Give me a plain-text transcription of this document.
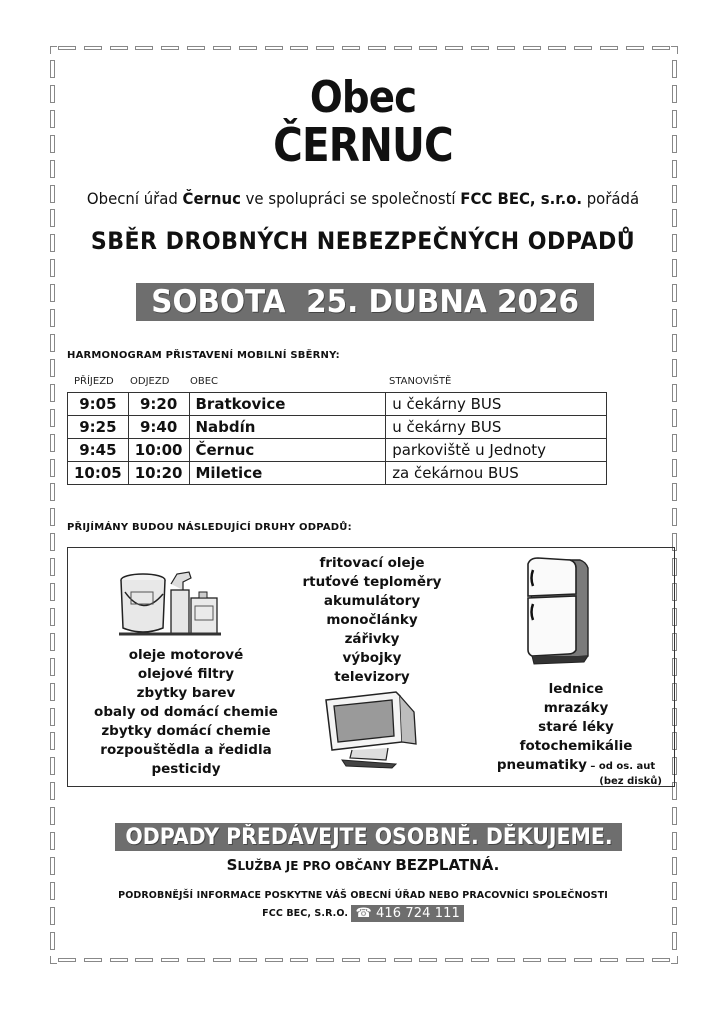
Obec
ČERNUC
Obecní úřad Černuc ve spolupráci se společností FCC BEC, s.r.o. pořádá
SBĚR DROBNÝCH NEBEZPEČNÝCH ODPADŮ
SOBOTA  25. DUBNA 2026
HARMONOGRAM PŘISTAVENÍ MOBILNÍ SBĚRNY:
PŘÍJEZD ODJEZD OBEC	STANOVIŠTĚ
9:05	9:20	Bratkovice	u čekárny BUS
9:25	9:40	Nabdín	u čekárny BUS
9:45	10:00	Černuc	parkoviště u Jednoty
10:05	10:20	Miletice	za čekárnou BUS
PŘIJÍMÁNY BUDOU NÁSLEDUJÍCÍ DRUHY ODPADŮ:
oleje motorové
olejové filtry
zbytky barev
obaly od domácí chemie
zbytky domácí chemie
rozpouštědla a ředidla
pesticidy
fritovací oleje
rtuťové teploměry
akumulátory
monočlánky
zářivky
výbojky
televizory
lednice
mrazáky
staré léky
fotochemikálie
pneumatiky – od os. aut
(bez disků)
ODPADY PŘEDÁVEJTE OSOBNĚ. DĚKUJEME.
SLUŽBA JE PRO OBČANY BEZPLATNÁ.
PODROBNĚJŠÍ INFORMACE POSKYTNE VÁŠ OBECNÍ ÚŘAD NEBO PRACOVNÍCI SPOLEČNOSTI
FCC BEC, S.R.O. ☎ 416 724 111
